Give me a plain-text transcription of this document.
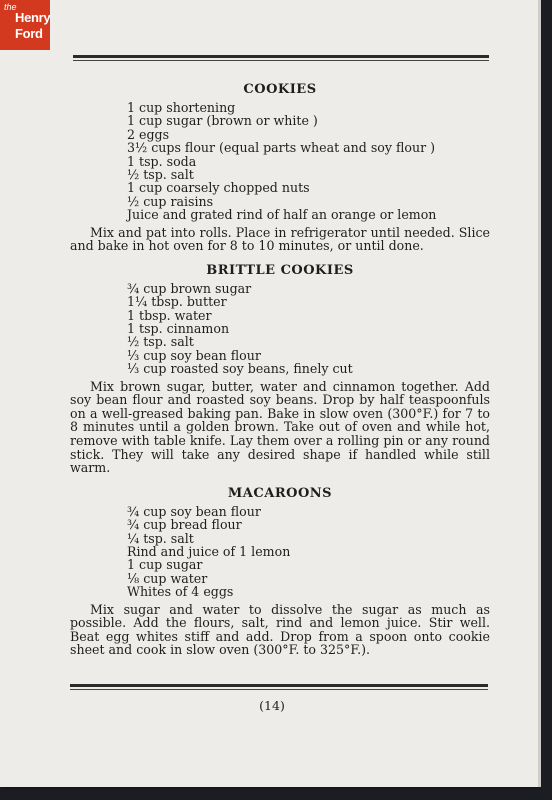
the
Henry
Ford
COOKIES
1 cup shortening
1 cup sugar (brown or white )
2 eggs
3½ cups flour (equal parts wheat and soy flour )
1 tsp. soda
½ tsp. salt
1 cup coarsely chopped nuts
½ cup raisins
Juice and grated rind of half an orange or lemon

Mix and pat into rolls. Place in refrigerator until needed. Slice and bake in hot oven for 8 to 10 minutes, or until done.

BRITTLE COOKIES
¾ cup brown sugar
1¼ tbsp. butter
1 tbsp. water
1 tsp. cinnamon
½ tsp. salt
⅓ cup soy bean flour
⅓ cup roasted soy beans, finely cut

Mix brown sugar, butter, water and cinnamon together. Add soy bean flour and roasted soy beans. Drop by half teaspoonfuls on a well-greased baking pan. Bake in slow oven (300°F.) for 7 to 8 minutes until a golden brown. Take out of oven and while hot, remove with table knife. Lay them over a rolling pin or any round stick. They will take any desired shape if handled while still warm.

MACAROONS
¾ cup soy bean flour
¾ cup bread flour
¼ tsp. salt
Rind and juice of 1 lemon
1 cup sugar
⅛ cup water
Whites of 4 eggs

Mix sugar and water to dissolve the sugar as much as possible. Add the flours, salt, rind and lemon juice. Stir well. Beat egg whites stiff and add. Drop from a spoon onto cookie sheet and cook in slow oven (300°F. to 325°F.).

(14)
